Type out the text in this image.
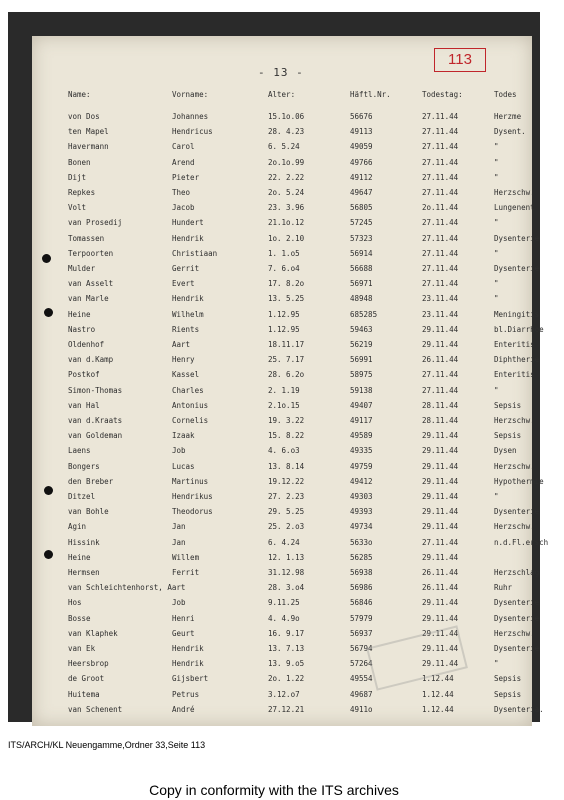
- 13 -
113
Name:	Vorname:	Alter:	Häftl.Nr.	Todestag:	Todes
von Dos	Johannes	15.1o.06	56676	27.11.44	Herzme
ten Mapel	Hendricus	28. 4.23	49113	27.11.44	Dysent.
Havermann	Carol	6. 5.24	49059	27.11.44	"
Bonen	Arend	2o.1o.99	49766	27.11.44	"
Dijt	Pieter	22. 2.22	49112	27.11.44	"
Repkes	Theo	2o. 5.24	49647	27.11.44	Herzschw.
Volt	Jacob	23. 3.96	56805	2o.11.44	Lungenent
van Prosedij	Hundert	21.1o.12	57245	27.11.44	"
Tomassen	Hendrik	1o. 2.10	57323	27.11.44	Dysenterie
Terpoorten	Christiaan	1. 1.o5	56914	27.11.44	"
Mulder	Gerrit	7. 6.o4	56688	27.11.44	Dysenterie
van Asselt	Evert	17. 8.2o	56971	27.11.44	"
van Marle	Hendrik	13. 5.25	48948	23.11.44	"
Heine	Wilhelm	1.12.95	685285	23.11.44	Meningitis
Nastro	Rients	1.12.95	59463	29.11.44	bl.Diarrhoe
Oldenhof	Aart	18.11.17	56219	29.11.44	Enteritis
van d.Kamp	Henry	25. 7.17	56991	26.11.44	Diphtherie
Postkof	Kassel	28. 6.2o	58975	27.11.44	Enteritis
Simon-Thomas	Charles	2. 1.19	59138	27.11.44	"
van Hal	Antonius	2.1o.15	49407	28.11.44	Sepsis
van d.Kraats	Cornelis	19. 3.22	49117	28.11.44	Herzschw.
van Goldeman	Izaak	15. 8.22	49589	29.11.44	Sepsis
Laens	Job	4. 6.o3	49335	29.11.44	Dysen
Bongers	Lucas	13. 8.14	49759	29.11.44	Herzschw.
den Breber	Martinus	19.12.22	49412	29.11.44	Hypothermie
Ditzel	Hendrikus	27. 2.23	49303	29.11.44	"
van Bohle	Theodorus	29. 5.25	49393	29.11.44	Dysenterie
Agin	Jan	25. 2.o3	49734	29.11.44	Herzschw.
Hissink	Jan	6. 4.24	5633o	27.11.44	n.d.Fl.ersch
Heine	Willem	12. 1.13	56285	29.11.44
Hermsen	Ferrit	31.12.98	56938	26.11.44	Herzschlag
van Schleichtenhorst, Aart	28. 3.o4	56986	26.11.44	Ruhr
Hos	Job	9.11.25	56846	29.11.44	Dysenterie
Bosse	Henri	4. 4.9o	57979	29.11.44	Dysenterie
van Klaphek	Geurt	16. 9.17	56937	29.11.44	Herzschw.
van Ek	Hendrik	13. 7.13	56794	29.11.44	Dysenterie
Heersbrop	Hendrik	13. 9.o5	57264	29.11.44	"
de Groot	Gijsbert	2o. 1.22	49554	1.12.44	Sepsis
Huitema	Petrus	3.12.o7	49687	1.12.44	Sepsis
van Schenent	André	27.12.21	4911o	1.12.44	Dysenteria.
ITS/ARCH/KL Neuengamme,Ordner 33,Seite 113
Copy in conformity with the ITS archives
